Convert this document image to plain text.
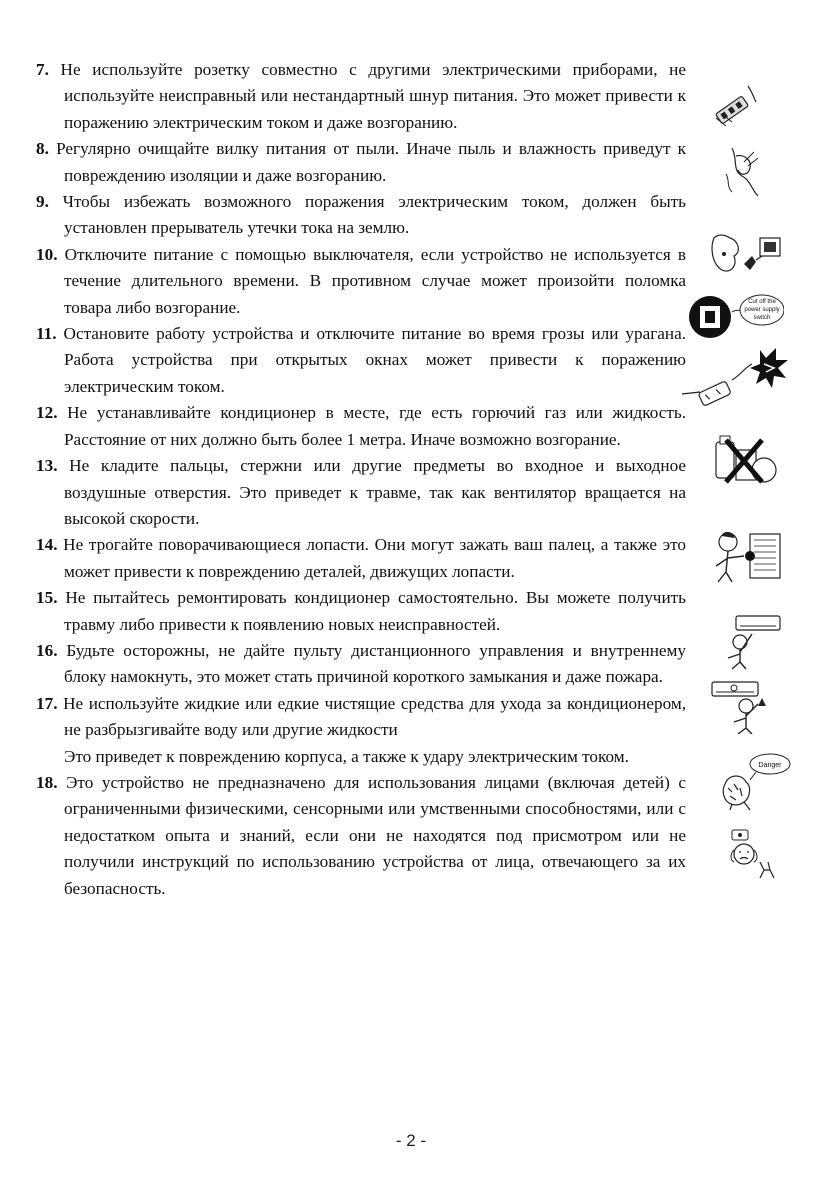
7. Не используйте розетку совместно с другими электрическими приборами, не используйте неисправный или нестандартный шнур питания. Это может привести к поражению электрическим током и даже возгоранию.
8. Регулярно очищайте вилку питания от пыли. Иначе пыль и влажность приведут к повреждению изоляции и даже возгоранию.
9. Чтобы избежать возможного поражения электрическим током, должен быть установлен прерыватель утечки тока на землю.
10. Отключите питание с помощью выключателя, если устройство не используется в течение длительного времени. В противном случае может произойти поломка товара либо возгорание.
11. Остановите работу устройства и отключите питание во время грозы или урагана. Работа устройства при открытых окнах может привести к поражению электрическим током.
12. Не устанавливайте кондиционер в месте, где есть горючий газ или жидкость. Расстояние от них должно быть более 1 метра. Иначе возможно возгорание.
13. Не кладите пальцы, стержни или другие предметы во входное и выходное воздушные отверстия. Это приведет к травме, так как вентилятор вращается на высокой скорости.
14. Не трогайте поворачивающиеся лопасти. Они могут зажать ваш палец, а также это может привести к повреждению деталей, движущих лопасти.
15. Не пытайтесь ремонтировать кондиционер самостоятельно. Вы можете получить травму либо привести к появлению новых неисправностей.
16. Будьте осторожны, не дайте пульту дистанционного управления и внутреннему блоку намокнуть, это может стать причиной короткого замыкания и даже пожара.
17. Не используйте жидкие или едкие чистящие средства для ухода за кондиционером, не разбрызгивайте воду или другие жидкости
Это приведет к повреждению корпуса, а также к удару электрическим током.
18. Это устройство не предназначено для использования лицами (включая детей) с ограниченными физическими, сенсорными или умственными способностями, или с недостатком опыта и знаний, если они не находятся под присмотром или не получили инструкций по использованию устройства от лица, отвечающего за их безопасность.
Cut off the
power supply
switch
Danger
- 2 -
